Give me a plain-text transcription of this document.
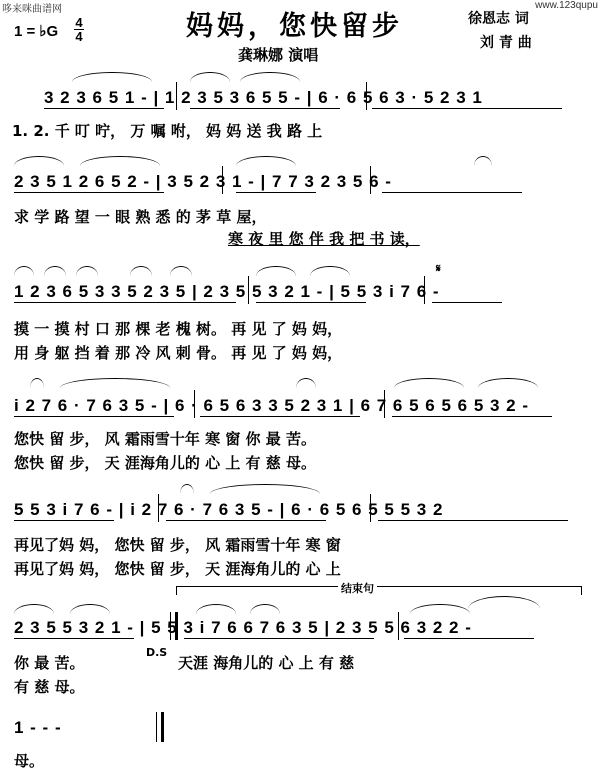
哆来咪曲谱网	www.123qupu
妈妈，您快留步
龚琳娜 演唱
徐恩志 词
刘 青 曲
1 = ♭G
4
4
3 2 3 6 5 1 - | 1 2 3 5 3 6 5 5 - | 6 · 6 5 6 3 · 5 2 3 1
1. 2. 千 叮 咛， 万 嘱 咐， 妈 妈 送 我 路 上
2 3 5 1 2 6 5 2 - | 3 5 2 3 1 - | 7 7 3 2 3 5 6 -
求 学 路 望 一 眼 熟 悉 的 茅 草 屋，
寒 夜 里 您 伴 我 把 书 读，
𝄋
1 2 3 6 5 3 3 5 2 3 5 | 2 3 5 5 3 2 1 - | 5 5 3 i 7 6 -
摸 一 摸 村 口 那 棵 老 槐 树。 再 见 了 妈 妈，
用 身 躯 挡 着 那 冷 风 刺 骨。 再 见 了 妈 妈，
i 2 7 6 · 7 6 3 5 - | 6 · 6 5 6 3 3 5 2 3 1 | 6 7 6 5 6 5 6 5 3 2 -
您快 留 步， 风 霜雨雪十年 寒 窗 你 最 苦。
您快 留 步， 天 涯海角儿的 心 上 有 慈 母。
5 5 3 i 7 6 - | i 2 7 6 · 7 6 3 5 - | 6 · 6 5 6 5 5 5 3 2
再见了妈 妈， 您快 留 步， 风 霜雨雪十年 寒 窗
再见了妈 妈， 您快 留 步， 天 涯海角儿的 心 上
结束句
2 3 5 5 3 2 1 - | 5 5 3 i 7 6 6 7 6 3 5 | 2 3 5 5 6 3 2 2 -
D.S
你 最 苦。	天涯 海角儿的 心 上 有 慈
有 慈 母。
1 - - -
母。
